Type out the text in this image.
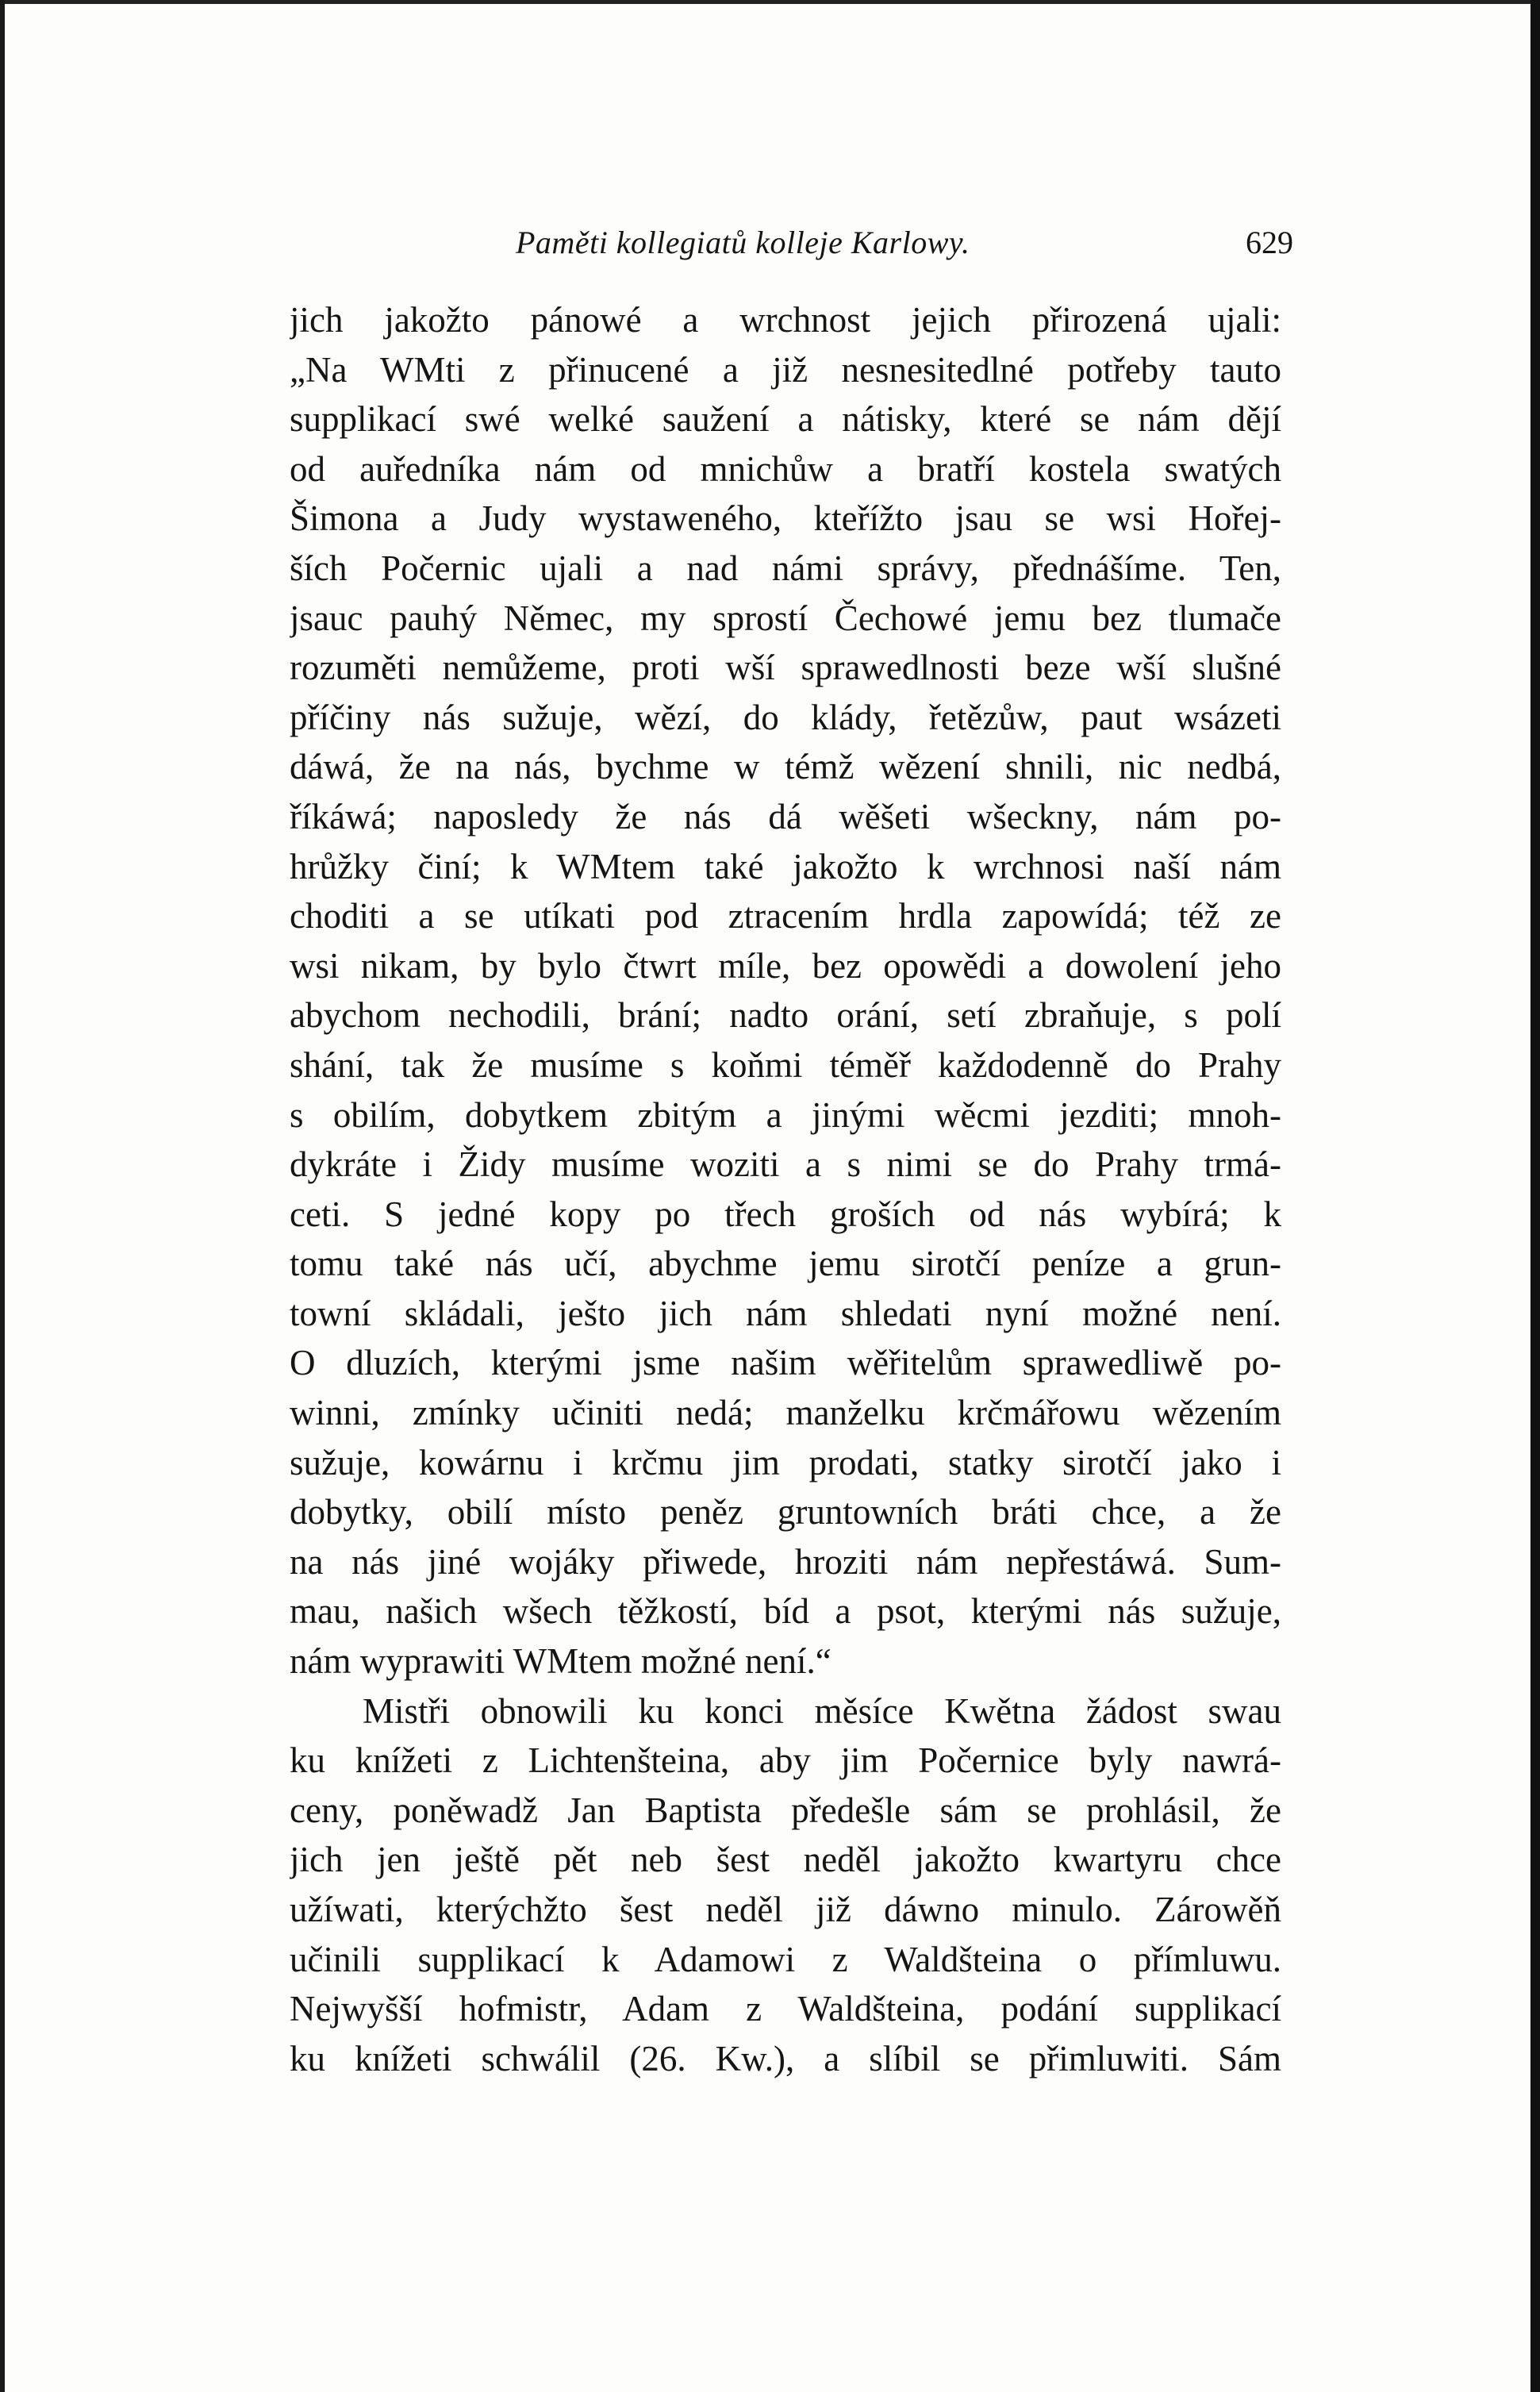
Paměti kollegiatů kolleje Karlowy.	629
jich jakožto pánowé a wrchnost jejich přirozená ujali:
„Na WMti z přinucené a již nesnesitedlné potřeby tauto
supplikací swé welké saužení a nátisky, které se nám dějí
od auředníka nám od mnichůw a bratří kostela swatých
Šimona a Judy wystaweného, kteřížto jsau se wsi Hořej-
ších Počernic ujali a nad námi správy, přednášíme. Ten,
jsauc pauhý Němec, my sprostí Čechowé jemu bez tlumače
rozuměti nemůžeme, proti wší sprawedlnosti beze wší slušné
příčiny nás sužuje, wězí, do klády, řetězůw, paut wsázeti
dáwá, že na nás, bychme w témž wězení shnili, nic nedbá,
říkáwá; naposledy že nás dá wěšeti wšeckny, nám po-
hrůžky činí; k WMtem také jakožto k wrchnosi naší nám
choditi a se utíkati pod ztracením hrdla zapowídá; též ze
wsi nikam, by bylo čtwrt míle, bez opowědi a dowolení jeho
abychom nechodili, brání; nadto orání, setí zbraňuje, s polí
shání, tak že musíme s koňmi téměř každodenně do Prahy
s obilím, dobytkem zbitým a jinými wěcmi jezditi; mnoh-
dykráte i Židy musíme woziti a s nimi se do Prahy trmá-
ceti. S jedné kopy po třech groších od nás wybírá; k
tomu také nás učí, abychme jemu sirotčí peníze a grun-
towní skládali, ješto jich nám shledati nyní možné není.
O dluzích, kterými jsme našim wěřitelům sprawedliwě po-
winni, zmínky učiniti nedá; manželku krčmářowu wězením
sužuje, kowárnu i krčmu jim prodati, statky sirotčí jako i
dobytky, obilí místo peněz gruntowních bráti chce, a že
na nás jiné wojáky přiwede, hroziti nám nepřestáwá. Sum-
mau, našich wšech těžkostí, bíd a psot, kterými nás sužuje,
nám wyprawiti WMtem možné není.“
Mistři obnowili ku konci měsíce Kwětna žádost swau
ku knížeti z Lichtenšteina, aby jim Počernice byly nawrá-
ceny, poněwadž Jan Baptista předešle sám se prohlásil, že
jich jen ještě pět neb šest neděl jakožto kwartyru chce
užíwati, kterýchžto šest neděl již dáwno minulo. Zárowěň
učinili supplikací k Adamowi z Waldšteina o přímluwu.
Nejwyšší hofmistr, Adam z Waldšteina, podání supplikací
ku knížeti schwálil (26. Kw.), a slíbil se přimluwiti. Sám
